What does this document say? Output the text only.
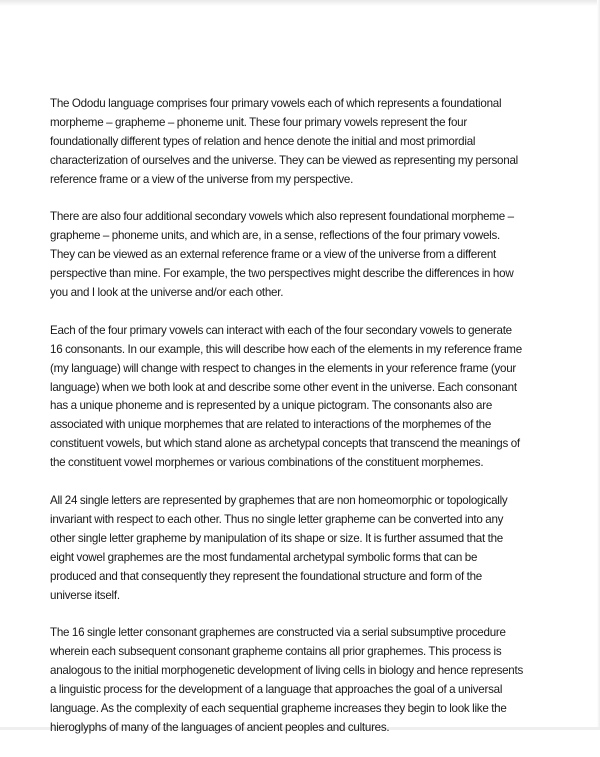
The Ododu language comprises four primary vowels each of which represents a foundational morpheme – grapheme – phoneme unit. These four primary vowels represent the four foundationally different types of relation and hence denote the initial and most primordial characterization of ourselves and the universe. They can be viewed as representing my personal reference frame or a view of the universe from my perspective.

There are also four additional secondary vowels which also represent foundational morpheme – grapheme – phoneme units, and which are, in a sense, reflections of the four primary vowels. They can be viewed as an external reference frame or a view of the universe from a different perspective than mine. For example, the two perspectives might describe the differences in how you and I look at the universe and/or each other.

Each of the four primary vowels can interact with each of the four secondary vowels to generate 16 consonants. In our example, this will describe how each of the elements in my reference frame (my language) will change with respect to changes in the elements in your reference frame (your language) when we both look at and describe some other event in the universe. Each consonant has a unique phoneme and is represented by a unique pictogram. The consonants also are associated with unique morphemes that are related to interactions of the morphemes of the constituent vowels, but which stand alone as archetypal concepts that transcend the meanings of the constituent vowel morphemes or various combinations of the constituent morphemes.

All 24 single letters are represented by graphemes that are non homeomorphic or topologically invariant with respect to each other. Thus no single letter grapheme can be converted into any other single letter grapheme by manipulation of its shape or size. It is further assumed that the eight vowel graphemes are the most fundamental archetypal symbolic forms that can be produced and that consequently they represent the foundational structure and form of the universe itself.

The 16 single letter consonant graphemes are constructed via a serial subsumptive procedure wherein each subsequent consonant grapheme contains all prior graphemes. This process is analogous to the initial morphogenetic development of living cells in biology and hence represents a linguistic process for the development of a language that approaches the goal of a universal language. As the complexity of each sequential grapheme increases they begin to look like the hieroglyphs of many of the languages of ancient peoples and cultures.
